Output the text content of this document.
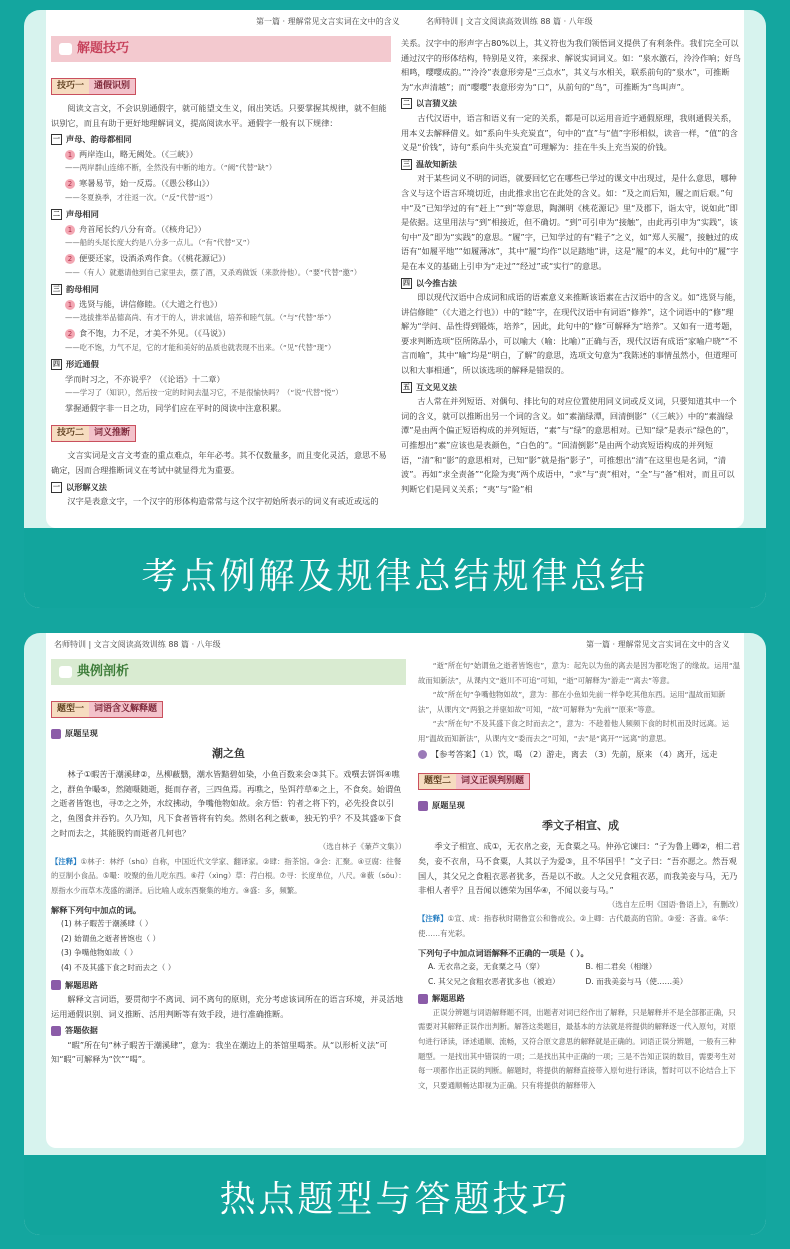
第一篇 · 理解常见文言实词在文中的含义	名师特训 | 文言文阅读高效训练 88 篇 · 八年级
解题技巧
技巧一 通假识别

阅读文言文，不会识别通假字，就可能望文生义，闹出笑话。只要掌握其规律，就不但能识别它，而且有助于更好地理解词义，提高阅读水平。通假字一般有以下规律：

一 声母、韵母都相同
1 两岸连山，略无阙处。（《三峡》）
——两岸群山连绵不断，全然没有中断的地方。（“阙”代替“缺”）
2 寒暑易节，始一反焉。（《愚公移山》）
——冬夏换季，才往返一次。（“反”代替“返”）
二 声母相同
1 舟首尾长约八分有奇。（《核舟记》）
——船的头尾长度大约是八分多一点儿。（“有”代替“又”）
2 便要还家，设酒杀鸡作食。（《桃花源记》）
——（有人）就邀请他到自己家里去，摆了酒，又杀鸡做饭（来款待他）。（“要”代替“邀”）
三 韵母相同
1 选贤与能，讲信修睦。（《大道之行也》）
——选拔推举品德高尚、有才干的人，讲求诚信，培养和睦气氛。（“与”代替“举”）
2 食不饱，力不足，才美不外见。（《马说》）
——吃不饱，力气不足，它的才能和美好的品质也就表现不出来。（“见”代替“现”）
四 形近通假
学而时习之，不亦说乎？（《论语》十二章）
——学习了（知识），然后按一定的时间去温习它，不是很愉快吗？（“说”代替“悦”）
掌握通假字非一日之功，同学们应在平时的阅读中注意积累。
技巧二 词义推断

文言实词是文言文考查的重点难点，年年必考。其不仅数量多，而且变化灵活，意思不易确定，因而合理推断词义在考试中就显得尤为重要。

一 以形解义法

汉字是表意文字，一个汉字的形体构造常常与这个汉字初始所表示的词义有或近或远的

关系。汉字中的形声字占80%以上，其义符也为我们领悟词义提供了有利条件。我们完全可以通过汉字的形体结构，特别是义符，来探求、解说实词词义。如：“泉水激石，泠泠作响；好鸟相鸣，嘤嘤成韵。”“泠泠”表意形旁是“三点水”，其义与水相关，联系前句的“泉水”，可推断为“水声清越”；而“嘤嘤”表意形旁为“口”，从前句的“鸟”，可推断为“鸟叫声”。
二 以言猜义法

古代汉语中，语言和语义有一定的关系，都是可以运用音近字通假原理，我则通假关系，用本义去解释借义。如“系向牛头充炭直”，句中的“直”与“值”字形相似，读音一样，“值”的含义是“价钱”，诗句“系向牛头充炭直”可理解为：挂在牛头上充当炭的价钱。

三 温故知新法

对于某些词义不明的词语，就要回忆它在哪些已学过的课文中出现过，是什么意思，哪种含义与这个语言环境切近，由此推求出它在此处的含义。如：“及之而后知，履之而后艰。”句中“及”已知学过的有“赶上”“到”等意思，陶渊明《桃花源记》里“及郡下，诣太守，说如此”即是依据。这里用法与“到”相接近，但不确切。“到”可引申为“接触”，由此再引申为“实践”，该句中“及”即为“实践”的意思。“履”字，已知学过的有“鞋子”之义，如“郑人买履”，接触过的成语有“如履平地”“如履薄冰”，其中“履”均作“以足踏地”讲，这是“履”的本义，此句中的“履”字是在本义的基础上引申为“走过”“经过”或“实行”的意思。

四 以今推古法

即以现代汉语中合成词和成语的语素意义来推断该语素在古汉语中的含义。如“选贤与能，讲信修睦”（《大道之行也》）中的“睦”字，在现代汉语中有词语“修养”，这个词语中的“修”理解为“学问、品性得到锻炼，培养”，因此，此句中的“修”可解释为“培养”。又如有一道考题，要求判断选项“臣所陈品小，可以喻大（喻：比喻）”正确与否，现代汉语有成语“家喻户晓”“不言而喻”，其中“喻”均是“明白，了解”的意思，选项文句意为“我陈述的事情虽然小，但道理可以和大事相通”，所以该选项的解释是错误的。

五 互文见义法

古人常在并列短语、对偶句、排比句的对应位置使用同义词或反义词，只要知道其中一个词的含义，就可以推断出另一个词的含义。如“素湍绿潭，回清倒影”（《三峡》）中的“素湍绿潭”是由两个偏正短语构成的并列短语，“素”与“绿”的意思相对。已知“绿”是表示“绿色的”，可推想出“素”应该也是表颜色，“白色的”。“回清倒影”是由两个动宾短语构成的并列短语，“清”和“影”的意思相对，已知“影”就是指“影子”，可推想出“清”在这里也是名词，“清波”。再如“求全责备”“化险为夷”两个成语中，“求”与“责”相对，“全”与“备”相对，而且可以判断它们是同义关系；“夷”与“险”相

考点例解及规律总结规律总结
名师特训 | 文言文阅读高效训练 88 篇 · 八年级	第一篇 · 理解常见文言实词在文中的含义
典例剖析
题型一 词语含义解释题
原题呈现
潮之鱼

林子①暇苦于潮溪肆②，丛柳蔽翳，潮水皆黯碧如染，小鱼百数来会③其下。戏噀去饼饵④噍之，群鱼争嘬⑤，然随嗫随逝，挺而存者，三四鱼焉。再噍之，坠饵荇草⑥之上，不食矣。始谓鱼之逝者皆饱也，寻⑦之之外，水纹拂动，争嘴他物如故。余方悟：钓者之将下钓，必先投食以引之，鱼图食并吞钓。久乃知，凡下食者皆将有钓矣。然则名利之薮⑧，独无钓乎？不及其盛⑨下食之时而去之，其能脱钓而逝者几何也？

（选自林子《蒹芦文集》）
【注释】①林子：林纾（shū）自称，中国近代文学家、翻译家。②肆：指茶馆。③会：汇聚。④豆腐：往餐的豆制小食品。⑤嘬：咬聚的鱼儿吃东西。⑥荇（xìng）草：荇白根。⑦寻：长度单位，八尺。⑧薮（sǒu）：原指水少而草木茂盛的湖泽。后比喻人或东西聚集的地方。⑨盛：多，频繁。
解释下列句中加点的词。
(1) 林子暇苦于潮溪肆（ ）
(2) 始谓鱼之逝者皆饱也（ ）
(3) 争嘴他物如故（ ）
(4) 不及其盛下食之时而去之（ ）
解题思路

解释文言词语，要贯彻字不离词、词不离句的原则，充分考虑该词所在的语言环境，并灵活地运用通假识别、词义推断、活用判断等有效手段，进行准确推断。

答题依据

“暇”所在句“林子暇苦于潮溪肆”，意为：我坐在潮边上的茶馆里喝茶。从“以形析义法”可知“暇”可解释为“饮”“喝”。

“逝”所在句“始谓鱼之逝者皆饱也”，意为：起先以为鱼的离去是因为都吃饱了的缘故。运用“温故而知新法”，从课内文“逝川不可追”可知，“逝”可解释为“游走”“离去”等意。

“故”所在句“争嘴他物如故”，意为：都在小鱼如先前一样争吃其他东西。运用“温故而知新法”，从课内文“两狼之并驱如故”可知，“故”可解释为“先前”“原来”等意。

“去”所在句“不及其盛下食之时而去之”，意为：不趁着他人频频下食的时机而及时远离。运用“温故而知新法”，从课内文“委而去之”可知，“去”是“离开”“远离”的意思。

【参考答案】（1）饮，喝 （2）游走，离去 （3）先前，原来 （4）离开，远走
题型二 词义正误判别题
原题呈现
季文子相宣、成

季文子相宣、成①，无衣帛之妾，无食粟之马。仲孙它谏曰：“子为鲁上卿②，相二君矣，妾不衣帛，马不食粟，人其以子为爱③，且不华国乎！”文子曰：“吾亦愿之。然吾观国人，其父兄之食粗衣恶者犹多，吾是以不敢。人之父兄食粗衣恶，而我美妾与马，无乃非相人者乎？且吾闻以德荣为国华④，不闻以妾与马。”

（选自左丘明《国语·鲁语上》，有删改）
【注释】①宣、成：指春秋时期鲁宣公和鲁成公。②上卿：古代最高的官阶。③爱：吝啬。④华：使……有光彩。
下列句子中加点词语解释不正确的一项是（ ）。
A. 无衣帛之妾，无食粟之马（穿）	B. 相二君矣（相继）
C. 其父兄之食粗衣恶者犹多也（被迫）	D. 而我美妾与马（使……美）
解题思路

正误分辨题与词语解释题不同，出题者对词已经作出了解释，只是解释并不是全部都正确，只需要对其解释正误作出判断。解答这类题目，最基本的方法就是将提供的解释逐一代入原句，对原句进行译读，译述通顺、流畅，又符合原文意思的解释就是正确的。词语正误分辨题，一般有三种题型。一是找出其中错误的一项；二是找出其中正确的一项；三是不告知正误的数目，需要考生对每一项都作出正误的判断。解题时，将提供的解释直接带入原句进行译读，暂时可以不论结合上下文，只要通顺畅达即视为正确。只有将提供的解释带入

热点题型与答题技巧
